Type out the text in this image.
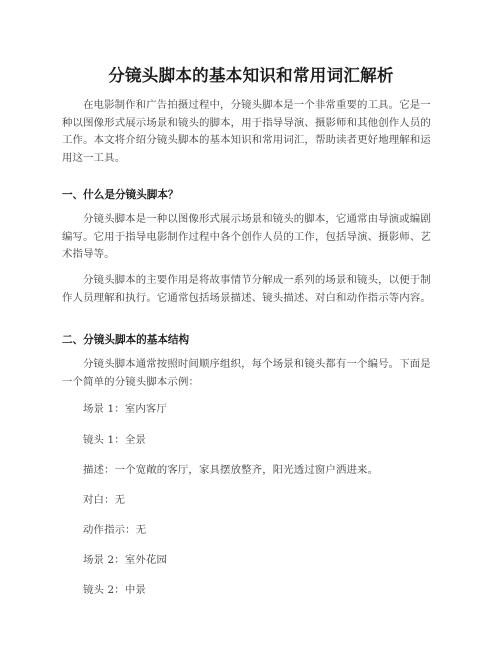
分镜头脚本的基本知识和常用词汇解析
在电影制作和广告拍摄过程中，分镜头脚本是一个非常重要的工具。它是一种以图像形式展示场景和镜头的脚本，用于指导导演、摄影师和其他创作人员的工作。本文将介绍分镜头脚本的基本知识和常用词汇，帮助读者更好地理解和运用这一工具。
一、什么是分镜头脚本？
分镜头脚本是一种以图像形式展示场景和镜头的脚本，它通常由导演或编剧编写。它用于指导电影制作过程中各个创作人员的工作，包括导演、摄影师、艺术指导等。
分镜头脚本的主要作用是将故事情节分解成一系列的场景和镜头，以便于制作人员理解和执行。它通常包括场景描述、镜头描述、对白和动作指示等内容。
二、分镜头脚本的基本结构
分镜头脚本通常按照时间顺序组织，每个场景和镜头都有一个编号。下面是一个简单的分镜头脚本示例：
场景 1：室内客厅
镜头 1：全景
描述：一个宽敞的客厅，家具摆放整齐，阳光透过窗户洒进来。
对白：无
动作指示：无
场景 2：室外花园
镜头 2：中景
